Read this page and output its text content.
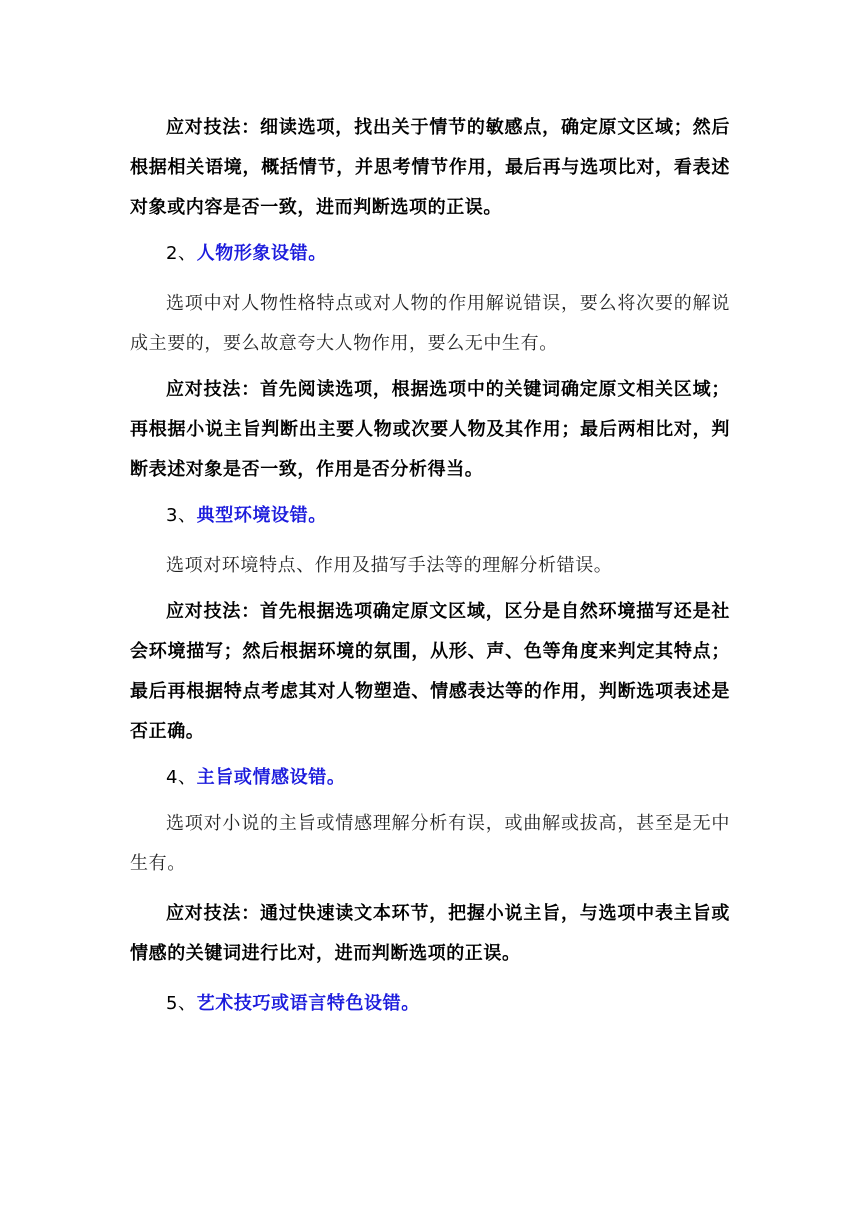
应对技法：细读选项，找出关于情节的敏感点，确定原文区域；然后根据相关语境，概括情节，并思考情节作用，最后再与选项比对，看表述对象或内容是否一致，进而判断选项的正误。

2、人物形象设错。

选项中对人物性格特点或对人物的作用解说错误，要么将次要的解说成主要的，要么故意夸大人物作用，要么无中生有。

应对技法：首先阅读选项，根据选项中的关键词确定原文相关区域；再根据小说主旨判断出主要人物或次要人物及其作用；最后两相比对，判断表述对象是否一致，作用是否分析得当。

3、典型环境设错。

选项对环境特点、作用及描写手法等的理解分析错误。

应对技法：首先根据选项确定原文区域，区分是自然环境描写还是社会环境描写；然后根据环境的氛围，从形、声、色等角度来判定其特点；最后再根据特点考虑其对人物塑造、情感表达等的作用，判断选项表述是否正确。

4、主旨或情感设错。

选项对小说的主旨或情感理解分析有误，或曲解或拔高，甚至是无中生有。

应对技法：通过快速读文本环节，把握小说主旨，与选项中表主旨或情感的关键词进行比对，进而判断选项的正误。

5、艺术技巧或语言特色设错。
